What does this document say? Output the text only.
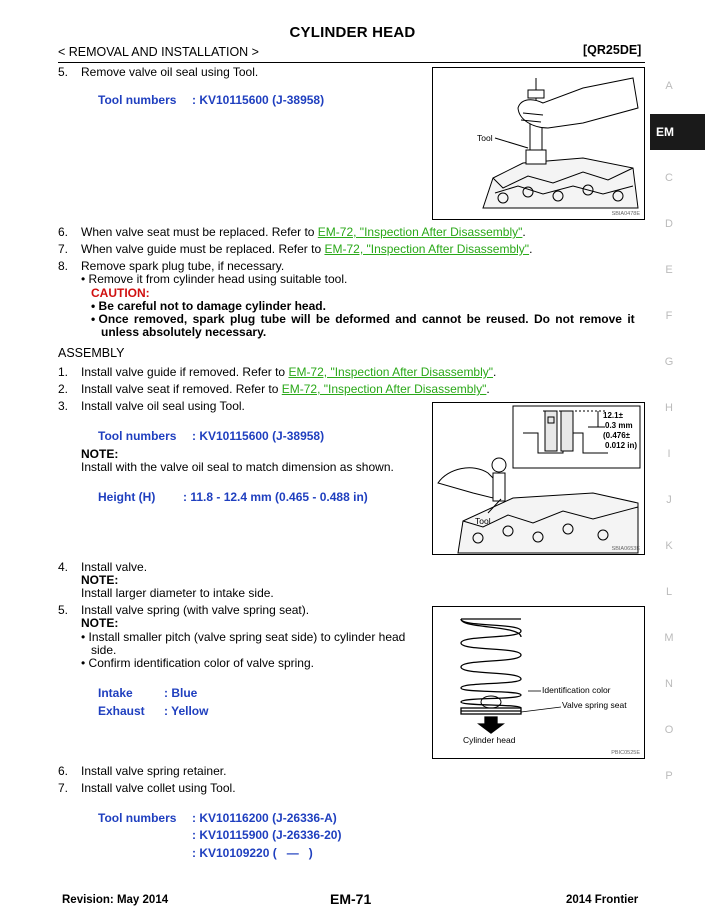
CYLINDER HEAD
< REMOVAL AND INSTALLATION >	[QR25DE]
A
EM
C
D
E
F
G
H
I
J
K
L
M
N
O
P
5. Remove valve oil seal using Tool.
Tool numbers : KV10115600 (J-38958)
Tool
SBIA0478E
6. When valve seat must be replaced. Refer to EM-72, "Inspection After Disassembly".
7. When valve guide must be replaced. Refer to EM-72, "Inspection After Disassembly".
8. Remove spark plug tube, if necessary.
• Remove it from cylinder head using suitable tool.
CAUTION:
• Be careful not to damage cylinder head.
• Once removed, spark plug tube will be deformed and cannot be reused. Do not remove it
unless absolutely necessary.
ASSEMBLY
1. Install valve guide if removed. Refer to EM-72, "Inspection After Disassembly".
2. Install valve seat if removed. Refer to EM-72, "Inspection After Disassembly".
3. Install valve oil seal using Tool.
Tool numbers : KV10115600 (J-38958)
NOTE:
Install with the valve oil seal to match dimension as shown.
Height (H) : 11.8 - 12.4 mm (0.465 - 0.488 in)
Tool
12.1±
0.3 mm
(0.476±
0.012 in)
SBIA0653E
4. Install valve.
NOTE:
Install larger diameter to intake side.
5. Install valve spring (with valve spring seat).
NOTE:
• Install smaller pitch (valve spring seat side) to cylinder head
side.
• Confirm identification color of valve spring.
Intake	: Blue
Exhaust : Yellow
Identification color
Valve spring seat
Cylinder head
PBIC0525E
6. Install valve spring retainer.
7. Install valve collet using Tool.
Tool numbers : KV10116200 (J-26336-A)
: KV10115900 (J-26336-20)
: KV10109220 (   —   )
Revision: May 2014	EM-71	2014 Frontier
